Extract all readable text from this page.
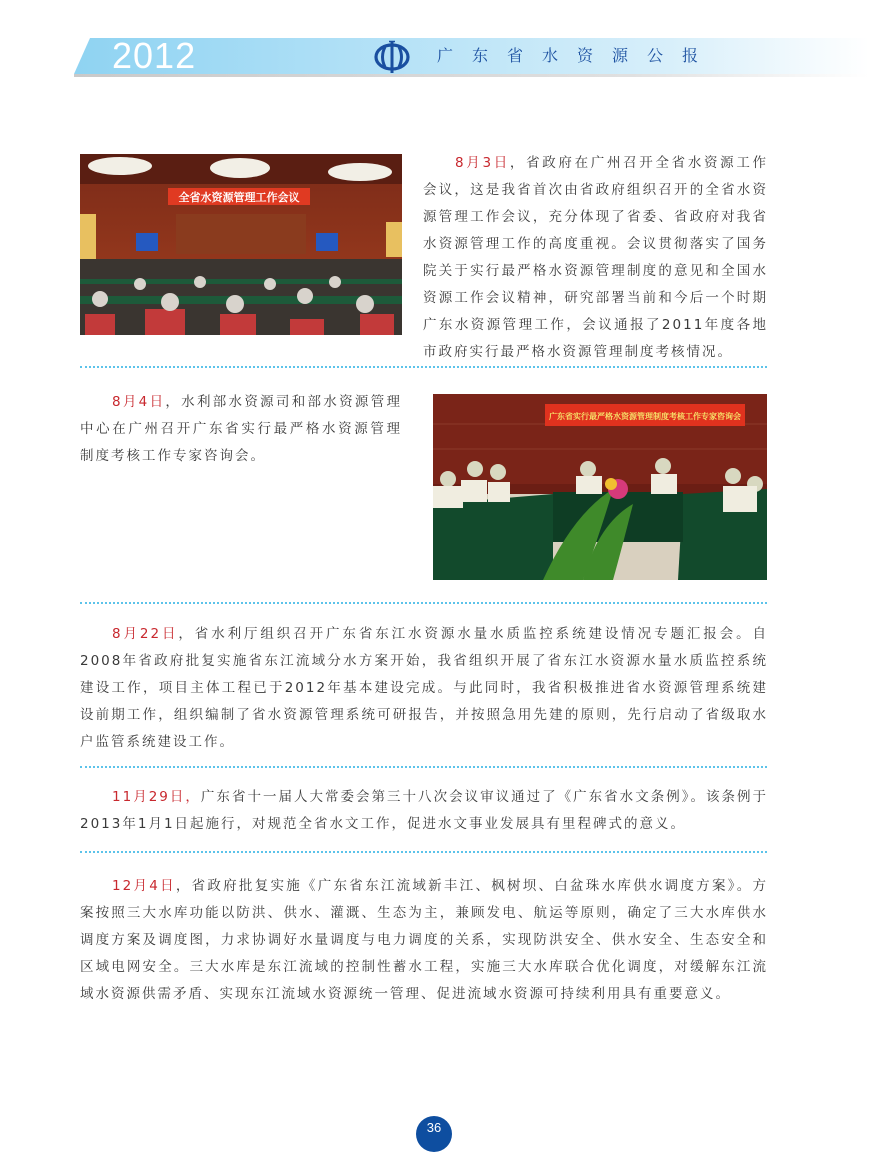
2012	广东省水资源公报
全省水资源管理工作会议
8月3日，省政府在广州召开全省水资源工作会议，这是我省首次由省政府组织召开的全省水资源管理工作会议，充分体现了省委、省政府对我省水资源管理工作的高度重视。会议贯彻落实了国务院关于实行最严格水资源管理制度的意见和全国水资源工作会议精神，研究部署当前和今后一个时期广东水资源管理工作，会议通报了2011年度各地市政府实行最严格水资源管理制度考核情况。
8月4日，水利部水资源司和部水资源管理中心在广州召开广东省实行最严格水资源管理制度考核工作专家咨询会。
广东省实行最严格水资源管理制度考核工作专家咨询会
8月22日，省水利厅组织召开广东省东江水资源水量水质监控系统建设情况专题汇报会。自2008年省政府批复实施省东江流域分水方案开始，我省组织开展了省东江水资源水量水质监控系统建设工作，项目主体工程已于2012年基本建设完成。与此同时，我省积极推进省水资源管理系统建设前期工作，组织编制了省水资源管理系统可研报告，并按照急用先建的原则，先行启动了省级取水户监管系统建设工作。
11月29日，广东省十一届人大常委会第三十八次会议审议通过了《广东省水文条例》。该条例于2013年1月1日起施行，对规范全省水文工作，促进水文事业发展具有里程碑式的意义。
12月4日，省政府批复实施《广东省东江流域新丰江、枫树坝、白盆珠水库供水调度方案》。方案按照三大水库功能以防洪、供水、灌溉、生态为主，兼顾发电、航运等原则，确定了三大水库供水调度方案及调度图，力求协调好水量调度与电力调度的关系，实现防洪安全、供水安全、生态安全和区域电网安全。三大水库是东江流域的控制性蓄水工程，实施三大水库联合优化调度，对缓解东江流域水资源供需矛盾、实现东江流域水资源统一管理、促进流域水资源可持续利用具有重要意义。
36
